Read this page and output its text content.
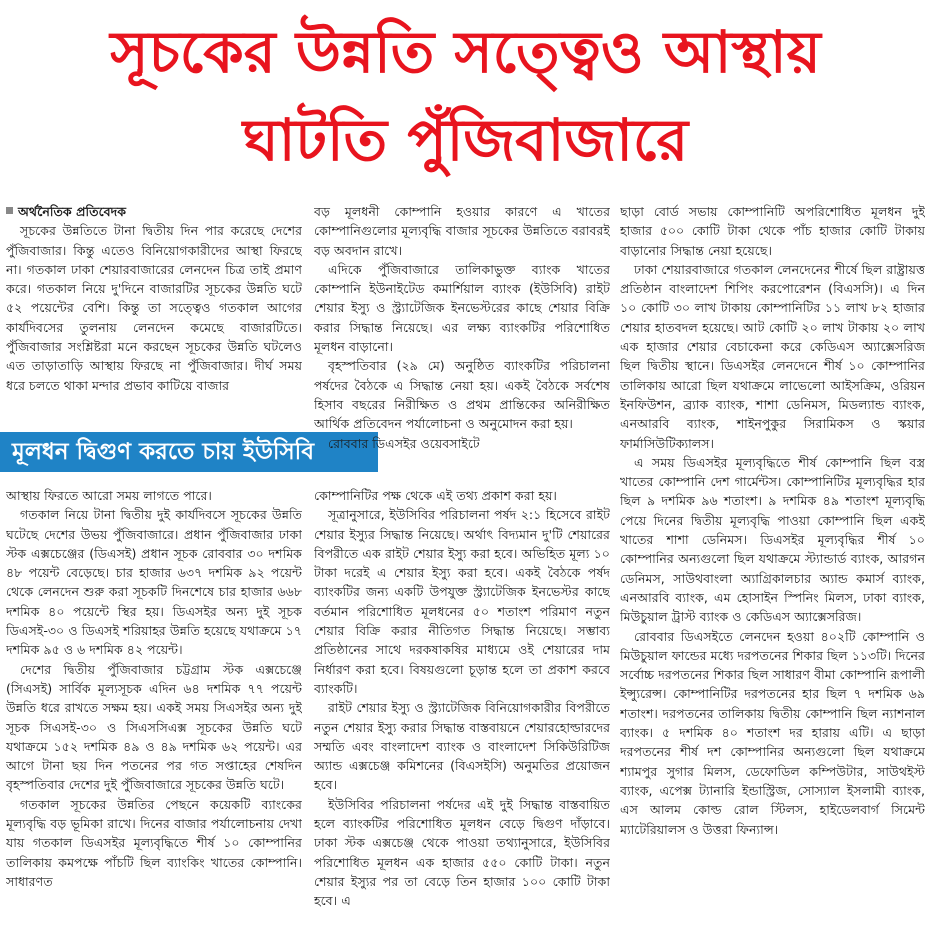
সূচকের উন্নতি সত্ত্বেও আস্থায়
ঘাটতি পুঁজিবাজারে

অর্থনৈতিক প্রতিবেদক

সূচকের উন্নতিতে টানা দ্বিতীয় দিন পার করেছে দেশের পুঁজিবাজার। কিন্তু এতেও বিনিয়োগকারীদের আস্থা ফিরছে না। গতকাল ঢাকা শেয়ারবাজারের লেনদেন চিত্র তাই প্রমাণ করে। গতকাল নিয়ে দু'দিনে বাজারটির সূচকের উন্নতি ঘটে ৫২ পয়েন্টের বেশি। কিন্তু তা সত্ত্বেও গতকাল আগের কার্যদিবসের তুলনায় লেনদেন কমেছে বাজারটিতে। পুঁজিবাজার সংশ্লিষ্টরা মনে করছেন সূচকের উন্নতি ঘটলেও এত তাড়াতাড়ি আস্থায় ফিরছে না পুঁজিবাজার। দীর্ঘ সময় ধরে চলতে থাকা মন্দার প্রভাব কাটিয়ে বাজার

মূলধন দ্বিগুণ করতে চায় ইউসিবি

আস্থায় ফিরতে আরো সময় লাগতে পারে।

গতকাল নিয়ে টানা দ্বিতীয় দুই কার্যদিবসে সূচকের উন্নতি ঘটেছে দেশের উভয় পুঁজিবাজারে। প্রধান পুঁজিবাজার ঢাকা স্টক এক্সচেঞ্জের (ডিএসই) প্রধান সূচক রোববার ৩০ দশমিক ৪৮ পয়েন্ট বেড়েছে। চার হাজার ৬৩৭ দশমিক ৯২ পয়েন্ট থেকে লেনদেন শুরু করা সূচকটি দিনশেষে চার হাজার ৬৬৮ দশমিক ৪০ পয়েন্টে স্থির হয়। ডিএসইর অন্য দুই সূচক ডিএসই-৩০ ও ডিএসই শরিয়াহর উন্নতি হয়েছে যথাক্রমে ১৭ দশমিক ৯৫ ও ৬ দশমিক ৪২ পয়েন্ট।

দেশের দ্বিতীয় পুঁজিবাজার চট্টগ্রাম স্টক এক্সচেঞ্জে (সিএসই) সার্বিক মূল্যসূচক এদিন ৬৪ দশমিক ৭৭ পয়েন্ট উন্নতি ধরে রাখতে সক্ষম হয়। একই সময় সিএসইর অন্য দুই সূচক সিএসই-৩০ ও সিএসসিএক্স সূচকের উন্নতি ঘটে যথাক্রমে ১৫২ দশমিক ৪৯ ও ৪৯ দশমিক ৬২ পয়েন্ট। এর আগে টানা ছয় দিন পতনের পর গত সপ্তাহের শেষদিন বৃহস্পতিবার দেশের দুই পুঁজিবাজারে সূচকের উন্নতি ঘটে।

গতকাল সূচকের উন্নতির পেছনে কয়েকটি ব্যাংকের মূল্যবৃদ্ধি বড় ভূমিকা রাখে। দিনের বাজার পর্যালোচনায় দেখা যায় গতকাল ডিএসইর মূল্যবৃদ্ধিতে শীর্ষ ১০ কোম্পানির তালিকায় কমপক্ষে পাঁচটি ছিল ব্যাংকিং খাতের কোম্পানি। সাধারণত

বড় মূলধনী কোম্পানি হওয়ার কারণে এ খাতের কোম্পানিগুলোর মূল্যবৃদ্ধি বাজার সূচকের উন্নতিতে বরাবরই বড় অবদান রাখে।

এদিকে পুঁজিবাজারে তালিকাভুক্ত ব্যাংক খাতের কোম্পানি ইউনাইটেড কমার্শিয়াল ব্যাংক (ইউসিবি) রাইট শেয়ার ইস্যু ও স্ট্র্যাটেজিক ইনভেস্টরের কাছে শেয়ার বিক্রি করার সিদ্ধান্ত নিয়েছে। এর লক্ষ্য ব্যাংকটির পরিশোধিত মূলধন বাড়ানো।

বৃহস্পতিবার (২৯ মে) অনুষ্ঠিত ব্যাংকটির পরিচালনা পর্ষদের বৈঠকে এ সিদ্ধান্ত নেয়া হয়। একই বৈঠকে সর্বশেষ হিসাব বছরের নিরীক্ষিত ও প্রথম প্রান্তিকের অনিরীক্ষিত আর্থিক প্রতিবেদন পর্যালোচনা ও অনুমোদন করা হয়।

রোববার ডিএসইর ওয়েবসাইটে

কোম্পানিটির পক্ষ থেকে এই তথ্য প্রকাশ করা হয়।

সূত্রানুসারে, ইউসিবির পরিচালনা পর্ষদ ২:১ হিসেবে রাইট শেয়ার ইস্যুর সিদ্ধান্ত নিয়েছে। অর্থাৎ বিদ্যমান দু'টি শেয়ারের বিপরীতে এক রাইট শেয়ার ইস্যু করা হবে। অভিহিত মূল্য ১০ টাকা দরেই এ শেয়ার ইস্যু করা হবে। একই বৈঠকে পর্ষদ ব্যাংকটির জন্য একটি উপযুক্ত স্ট্র্যাটেজিক ইনভেস্টর কাছে বর্তমান পরিশোধিত মূলধনের ৫০ শতাংশ পরিমাণ নতুন শেয়ার বিক্রি করার নীতিগত সিদ্ধান্ত নিয়েছে। সম্ভাব্য প্রতিষ্ঠানের সাথে দরকষাকষির মাধ্যমে ওই শেয়ারের দাম নির্ধারণ করা হবে। বিষয়গুলো চূড়ান্ত হলে তা প্রকাশ করবে ব্যাংকটি।

রাইট শেয়ার ইস্যু ও স্ট্র্যাটেজিক বিনিয়োগকারীর বিপরীতে নতুন শেয়ার ইস্যু করার সিদ্ধান্ত বাস্তবায়নে শেয়ারহোল্ডারদের সম্মতি এবং বাংলাদেশ ব্যাংক ও বাংলাদেশ সিকিউরিটিজ অ্যান্ড এক্সচেঞ্জ কমিশনের (বিএসইসি) অনুমতির প্রয়োজন হবে।

ইউসিবির পরিচালনা পর্ষদের এই দুই সিদ্ধান্ত বাস্তবায়িত হলে ব্যাংকটির পরিশোধিত মূলধন বেড়ে দ্বিগুণ দাঁড়াবে। ঢাকা স্টক এক্সচেঞ্জ থেকে পাওয়া তথ্যানুসারে, ইউসিবির পরিশোধিত মূলধন এক হাজার ৫৫০ কোটি টাকা। নতুন শেয়ার ইস্যুর পর তা বেড়ে তিন হাজার ১০০ কোটি টাকা হবে। এ

ছাড়া বোর্ড সভায় কোম্পানিটি অপরিশোধিত মূলধন দুই হাজার ৫০০ কোটি টাকা থেকে পাঁচ হাজার কোটি টাকায় বাড়ানোর সিদ্ধান্ত নেয়া হয়েছে।

ঢাকা শেয়ারবাজারে গতকাল লেনদেনের শীর্ষে ছিল রাষ্ট্রায়ত্ত প্রতিষ্ঠান বাংলাদেশ শিপিং করপোরেশন (বিএসসি)। এ দিন ১০ কোটি ৩০ লাখ টাকায় কোম্পানিটির ১১ লাখ ৮২ হাজার শেয়ার হাতবদল হয়েছে। আট কোটি ২০ লাখ টাকায় ২০ লাখ এক হাজার শেয়ার বেচাকেনা করে কেডিএস অ্যাক্সেসরিজ ছিল দ্বিতীয় স্থানে। ডিএসইর লেনদেনে শীর্ষ ১০ কোম্পানির তালিকায় আরো ছিল যথাক্রমে লাভেলো আইসক্রিম, ওরিয়ন ইনফিউশন, ব্র্যাক ব্যাংক, শাশা ডেনিমস, মিডল্যান্ড ব্যাংক, এনআরবি ব্যাংক, শাইনপুকুর সিরামিকস ও স্কয়ার ফার্মাসিউটিক্যালস।

এ সময় ডিএসইর মূল্যবৃদ্ধিতে শীর্ষ কোম্পানি ছিল বস্ত্র খাতের কোম্পানি দেশ গার্মেন্টস। কোম্পানিটির মূল্যবৃদ্ধির হার ছিল ৯ দশমিক ৯৬ শতাংশ। ৯ দশমিক ৪৯ শতাংশ মূল্যবৃদ্ধি পেয়ে দিনের দ্বিতীয় মূল্যবৃদ্ধি পাওয়া কোম্পানি ছিল একই খাতের শাশা ডেনিমস। ডিএসইর মূল্যবৃদ্ধির শীর্ষ ১০ কোম্পানির অন্যগুলো ছিল যথাক্রমে স্ট্যান্ডার্ড ব্যাংক, আরগন ডেনিমস, সাউথবাংলা অ্যাগ্রিকালচার অ্যান্ড কমার্স ব্যাংক, এনআরবি ব্যাংক, এম হোসাইন স্পিনিং মিলস, ঢাকা ব্যাংক, মিউচুয়াল ট্রাস্ট ব্যাংক ও কেডিএস অ্যাক্সেসরিজ।

রোববার ডিএসইতে লেনদেন হওয়া ৪০২টি কোম্পানি ও মিউচুয়াল ফান্ডের মধ্যে দরপতনের শিকার ছিল ১১৩টি। দিনের সর্বোচ্চ দরপতনের শিকার ছিল সাধারণ বীমা কোম্পানি রূপালী ইন্স্যুরেন্স। কোম্পানিটির দরপতনের হার ছিল ৭ দশমিক ৬৯ শতাংশ। দরপতনের তালিকায় দ্বিতীয় কোম্পানি ছিল ন্যাশনাল ব্যাংক। ৫ দশমিক ৪০ শতাংশ দর হারায় এটি। এ ছাড়া দরপতনের শীর্ষ দশ কোম্পানির অন্যগুলো ছিল যথাক্রমে শ্যামপুর সুগার মিলস, ডেফোডিল কম্পিউটার, সাউথইস্ট ব্যাংক, এপেক্স ট্যানারি ইন্ডাস্ট্রিজ, সোস্যাল ইসলামী ব্যাংক, এস আলম কোল্ড রোল স্টিলস, হাইডেলবার্গ সিমেন্ট ম্যাটেরিয়ালস ও উত্তরা ফিন্যান্স।
